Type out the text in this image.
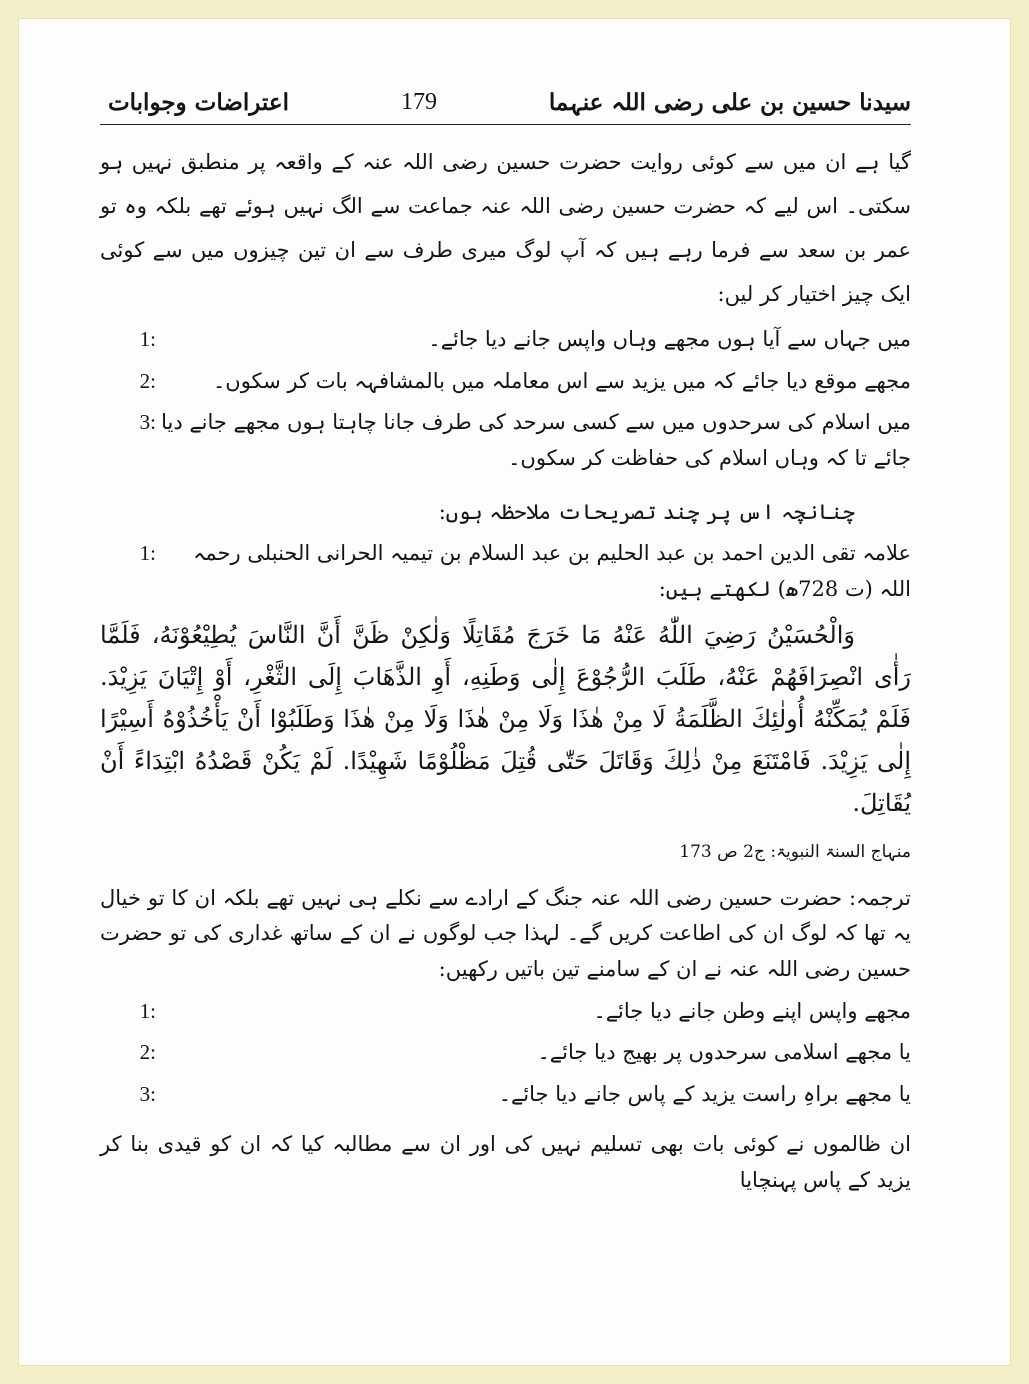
سیدنا حسین بن علی رضی اللہ عنہما
179
اعتراضات وجوابات

گیا ہے ان میں سے کوئی روایت حضرت حسین رضی اللہ عنہ کے واقعہ پر منطبق نہیں ہو سکتی۔ اس لیے کہ حضرت حسین رضی اللہ عنہ جماعت سے الگ نہیں ہوئے تھے بلکہ وہ تو عمر بن سعد سے فرما رہے ہیں کہ آپ لوگ میری طرف سے ان تین چیزوں میں سے کوئی ایک چیز اختیار کر لیں:

میں جہاں سے آیا ہوں مجھے وہاں واپس جانے دیا جائے۔
1:
مجھے موقع دیا جائے کہ میں یزید سے اس معاملہ میں بالمشافہہ بات کر سکوں۔
2:
میں اسلام کی سرحدوں میں سے کسی سرحد کی طرف جانا چاہتا ہوں مجھے جانے دیا جائے تا کہ وہاں اسلام کی حفاظت کر سکوں۔
3:

چنانچہ اس پر چند تصریحات ملاحظہ ہوں:

علامہ تقی الدین احمد بن عبد الحلیم بن عبد السلام بن تیمیہ الحرانی الحنبلی رحمہ اللہ (ت 728ھ) لکھتے ہیں:
1:

وَالْحُسَیْنُ رَضِيَ اللّٰهُ عَنْهُ مَا خَرَجَ مُقَاتِلًا وَلٰكِنْ ظَنَّ أَنَّ النَّاسَ يُطِيْعُوْنَهُ، فَلَمَّا رَأٰى انْصِرَافَهُمْ عَنْهُ، طَلَبَ الرُّجُوْعَ إِلٰى وَطَنِهِ، أَوِ الذَّهَابَ إِلَى الثَّغْرِ، أَوْ إِتْيَانَ يَزِيْدَ. فَلَمْ يُمَكِّنْهُ أُولٰئِكَ الظَّلَمَةُ لَا مِنْ هٰذَا وَلَا مِنْ هٰذَا وَلَا مِنْ هٰذَا وَطَلَبُوْا أَنْ يَأْخُذُوْهُ أَسِيْرًا إِلٰى يَزِيْدَ. فَامْتَنَعَ مِنْ ذٰلِكَ وَقَاتَلَ حَتّٰى قُتِلَ مَظْلُوْمًا شَهِيْدًا. لَمْ يَكُنْ قَصْدُهُ ابْتِدَاءً أَنْ يُقَاتِلَ.

منہاج السنۃ النبویۃ: ج2 ص 173

ترجمہ: حضرت حسین رضی اللہ عنہ جنگ کے ارادے سے نکلے ہی نہیں تھے بلکہ ان کا تو خیال یہ تھا کہ لوگ ان کی اطاعت کریں گے۔ لہذا جب لوگوں نے ان کے ساتھ غداری کی تو حضرت حسین رضی اللہ عنہ نے ان کے سامنے تین باتیں رکھیں:

مجھے واپس اپنے وطن جانے دیا جائے۔
1:
یا مجھے اسلامی سرحدوں پر بھیج دیا جائے۔
2:
یا مجھے براہِ راست یزید کے پاس جانے دیا جائے۔
3:

ان ظالموں نے کوئی بات بھی تسلیم نہیں کی اور ان سے مطالبہ کیا کہ ان کو قیدی بنا کر یزید کے پاس پہنچایا
